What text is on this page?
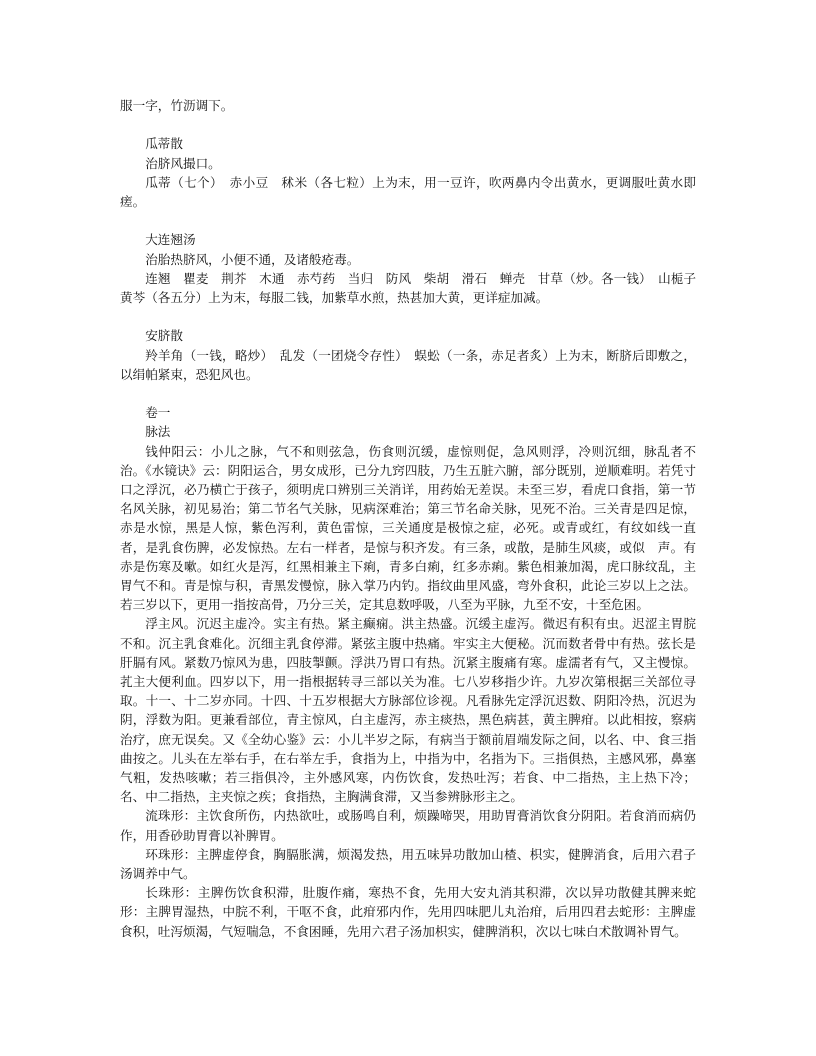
服一字，竹沥调下。

瓜蒂散

治脐风撮口。

瓜蒂（七个）　赤小豆　秫米（各七粒）上为末，用一豆许，吹两鼻内令出黄水，更调服吐黄水即瘥。

大连翘汤

治胎热脐风，小便不通，及诸般疮毒。

连翘　瞿麦　荆芥　木通　赤芍药　当归　防风　柴胡　滑石　蝉壳　甘草（炒。各一钱）　山栀子　黄芩（各五分）上为末，每服二钱，加紫草水煎，热甚加大黄，更详症加减。

安脐散

羚羊角（一钱，略炒）　乱发（一团烧令存性）　蜈蚣（一条，赤足者炙）上为末，断脐后即敷之，以绢帕紧束，恐犯风也。

卷一

脉法

钱仲阳云：小儿之脉，气不和则弦急，伤食则沉缓，虚惊则促，急风则浮，冷则沉细，脉乱者不治。《水镜诀》云：阴阳运合，男女成形，已分九窍四肢，乃生五脏六腑，部分既别，逆顺难明。若凭寸口之浮沉，必乃横亡于孩子，须明虎口辨别三关消详，用药始无差误。未至三岁，看虎口食指，第一节名风关脉，初见易治；第二节名气关脉，见病深难治；第三节名命关脉，见死不治。三关青是四足惊，赤是水惊，黑是人惊，紫色泻利，黄色雷惊，三关通度是极惊之症，必死。或青或红，有纹如线一直者，是乳食伤脾，必发惊热。左右一样者，是惊与积齐发。有三条，或散，是肺生风痰，或似　声。有赤是伤寒及嗽。如红火是泻，红黑相兼主下痢，青多白痢，红多赤痢。紫色相兼加渴，虎口脉纹乱，主胃气不和。青是惊与积，青黑发慢惊，脉入掌乃内钓。指纹曲里风盛，弯外食积，此论三岁以上之法。若三岁以下，更用一指按高骨，乃分三关，定其息数呼吸，八至为平脉，九至不安，十至危困。

浮主风。沉迟主虚冷。实主有热。紧主癫痫。洪主热盛。沉缓主虚泻。微迟有积有虫。迟涩主胃脘不和。沉主乳食难化。沉细主乳食停滞。紧弦主腹中热痛。牢实主大便秘。沉而数者骨中有热。弦长是肝膈有风。紧数乃惊风为患，四肢掣颤。浮洪乃胃口有热。沉紧主腹痛有寒。虚濡者有气，又主慢惊。芤主大便利血。四岁以下，用一指根据转寻三部以关为准。七八岁移指少许。九岁次第根据三关部位寻取。十一、十二岁亦同。十四、十五岁根据大方脉部位诊视。凡看脉先定浮沉迟数、阴阳冷热，沉迟为阴，浮数为阳。更兼看部位，青主惊风，白主虚泻，赤主痰热，黑色病甚，黄主脾疳。以此相按，察病治疗，庶无误矣。又《全幼心鉴》云：小儿半岁之际，有病当于额前眉端发际之间，以名、中、食三指曲按之。儿头在左举右手，在右举左手，食指为上，中指为中，名指为下。三指俱热，主感风邪，鼻塞气粗，发热咳嗽；若三指俱冷，主外感风寒，内伤饮食，发热吐泻；若食、中二指热，主上热下冷；名、中二指热，主夹惊之疾；食指热，主胸满食滞，又当参辨脉形主之。

流珠形：主饮食所伤，内热欲吐，或肠鸣自利，烦躁啼哭，用助胃膏消饮食分阴阳。若食消而病仍作，用香砂助胃膏以补脾胃。

环珠形：主脾虚停食，胸膈胀满，烦渴发热，用五味异功散加山楂、枳实，健脾消食，后用六君子汤调养中气。

长珠形：主脾伤饮食积滞，肚腹作痛，寒热不食，先用大安丸消其积滞，次以异功散健其脾来蛇形：主脾胃湿热，中脘不利，干呕不食，此疳邪内作，先用四味肥儿丸治疳，后用四君去蛇形：主脾虚食积，吐泻烦渴，气短喘急，不食困睡，先用六君子汤加枳实，健脾消积，次以七味白术散调补胃气。
